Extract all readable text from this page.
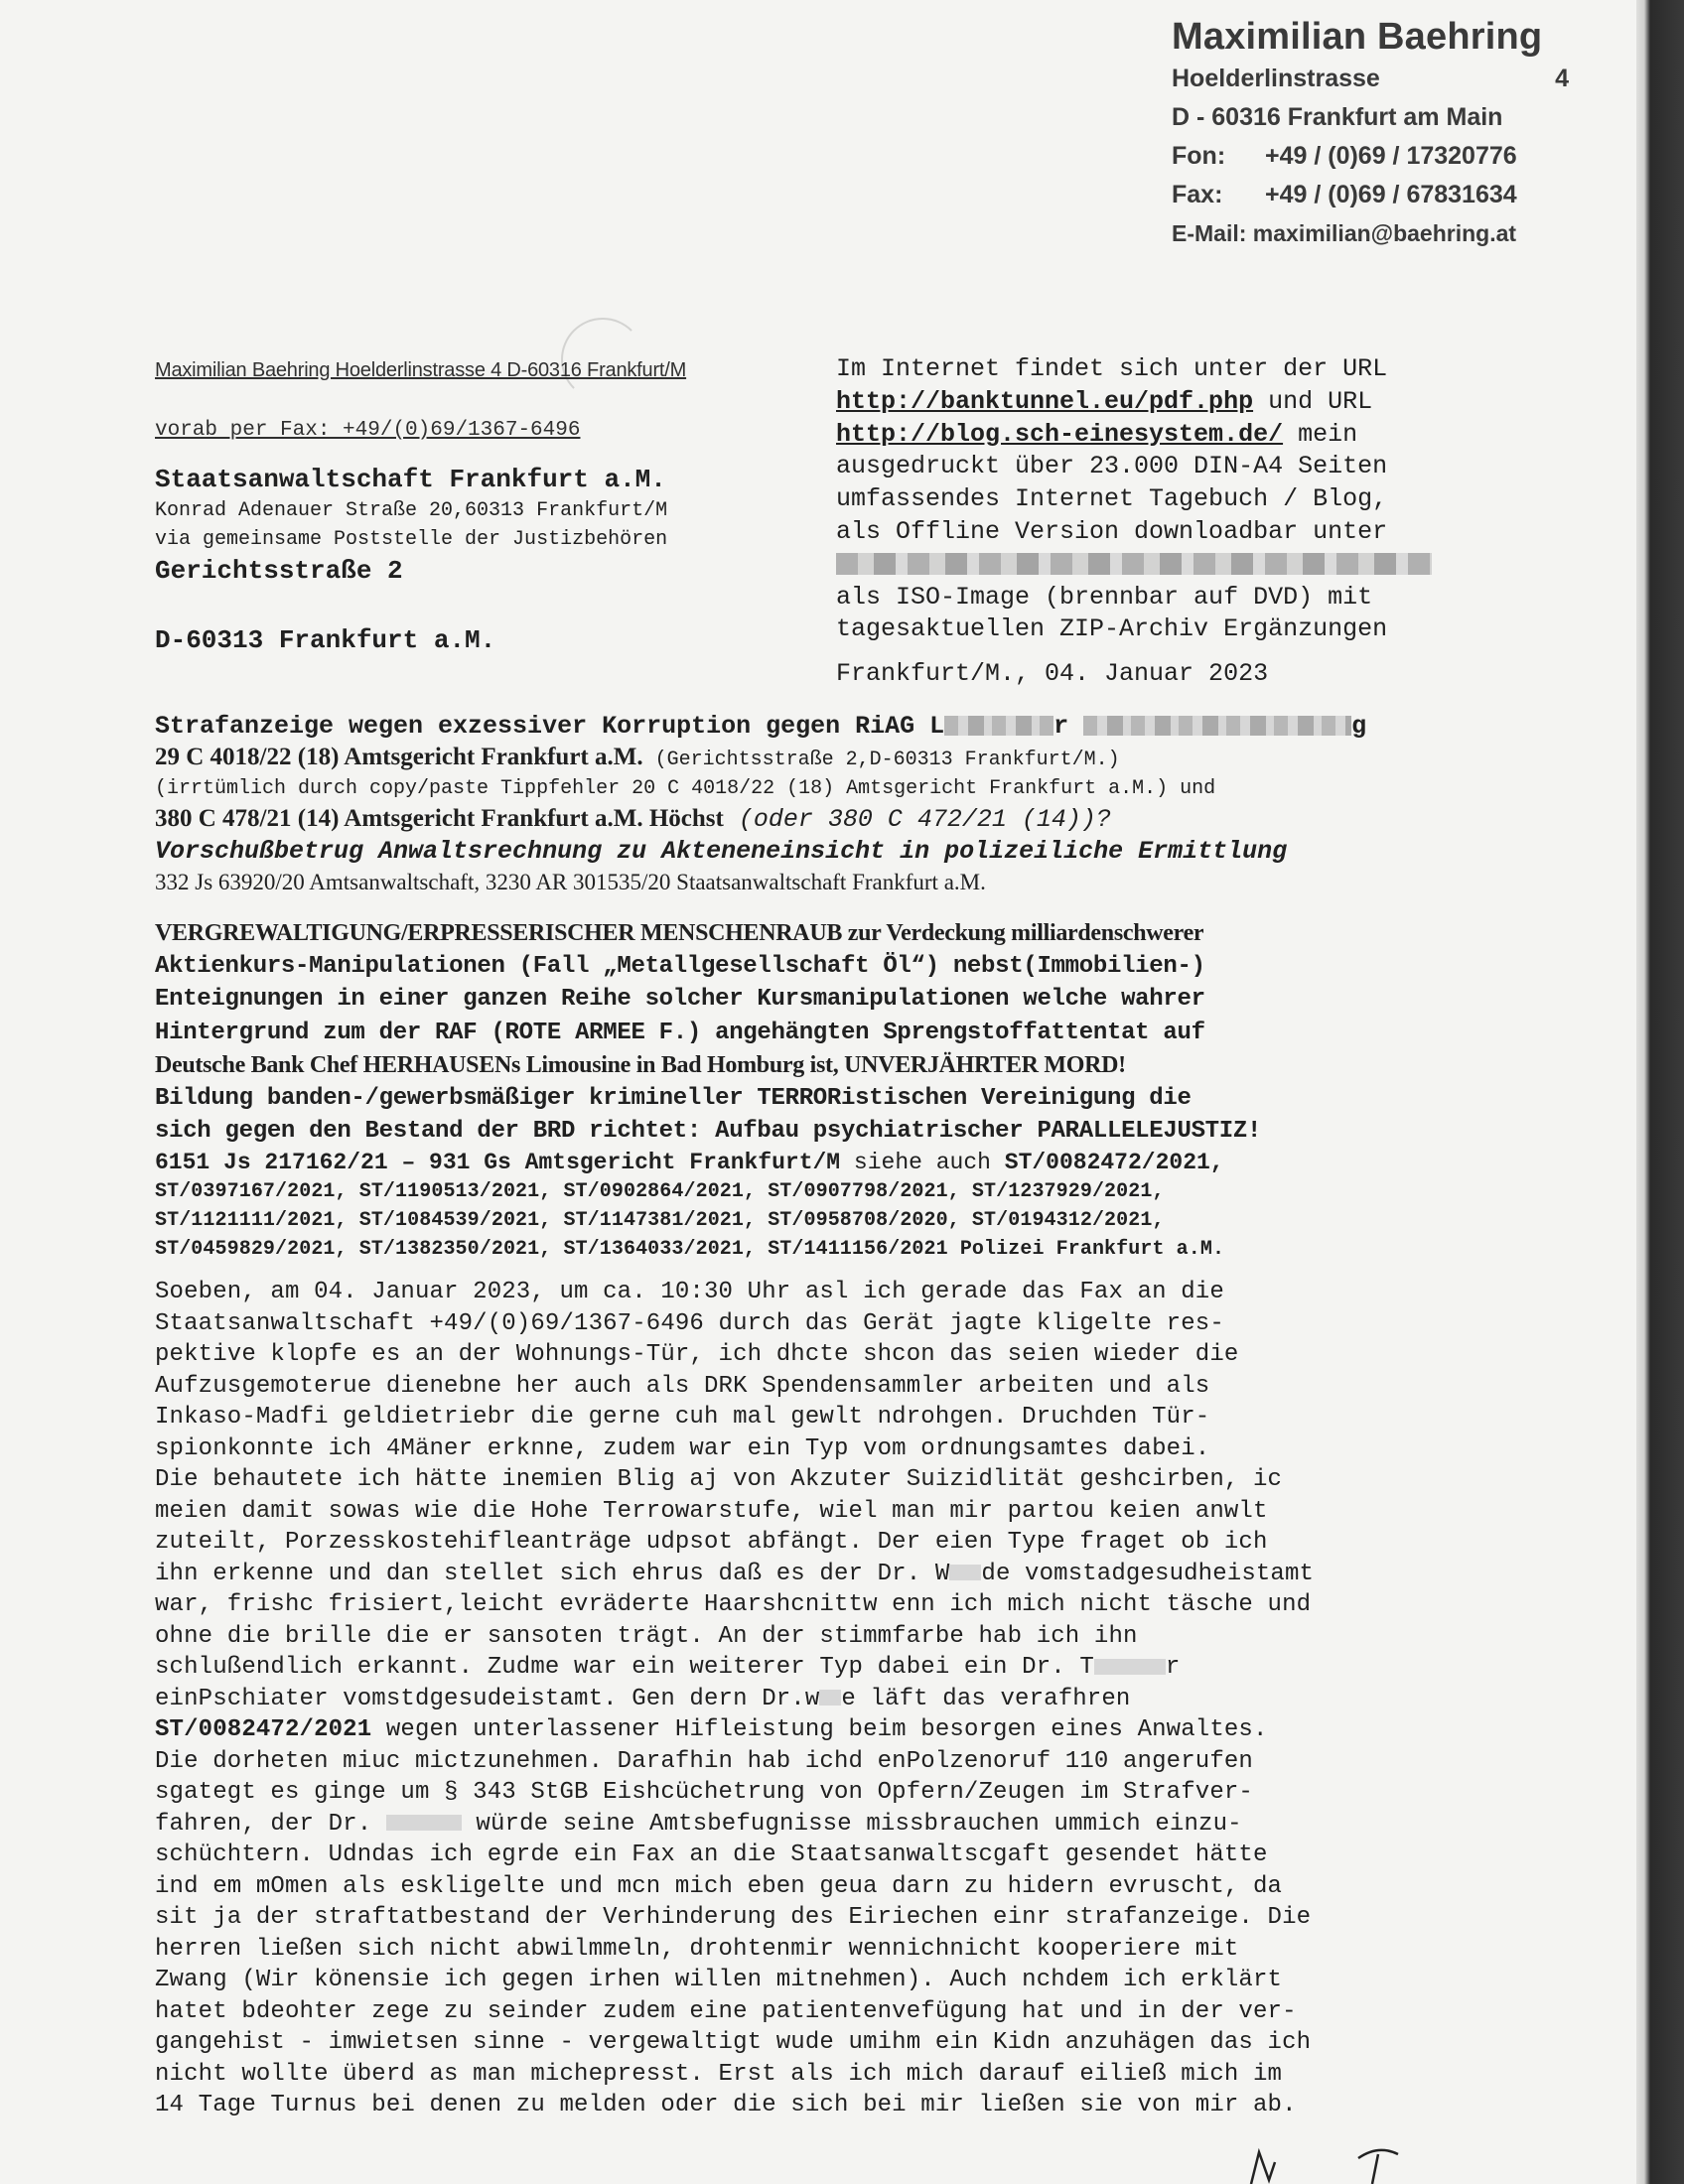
Maximilian Baehring
Hoelderlinstrasse	4
D - 60316 Frankfurt am Main
Fon: +49 / (0)69 / 17320776
Fax: +49 / (0)69 / 67831634
E-Mail: maximilian@baehring.at
Maximilian Baehring Hoelderlinstrasse 4 D-60316 Frankfurt/M
vorab per Fax: +49/(0)69/1367-6496
Staatsanwaltschaft Frankfurt a.M.
Konrad Adenauer Straße 20,60313 Frankfurt/M
via gemeinsame Poststelle der Justizbehören
Gerichtsstraße 2
D-60313 Frankfurt a.M.
Im Internet findet sich unter der URL
http://banktunnel.eu/pdf.php und URL
http://blog.sch-einesystem.de/ mein
ausgedruckt über 23.000 DIN-A4 Seiten
umfassendes Internet Tagebuch / Blog,
als Offline Version downloadbar unter
als ISO-Image (brennbar auf DVD) mit
tagesaktuellen ZIP-Archiv Ergänzungen
Frankfurt/M., 04. Januar 2023
Strafanzeige wegen exzessiver Korruption gegen RiAG L	r	g
29 C 4018/22 (18) Amtsgericht Frankfurt a.M. (Gerichtsstraße 2,D-60313 Frankfurt/M.)
(irrtümlich durch copy/paste Tippfehler 20 C 4018/22 (18) Amtsgericht Frankfurt a.M.) und
380 C 478/21 (14) Amtsgericht Frankfurt a.M. Höchst (oder 380 C 472/21 (14))?
Vorschußbetrug Anwaltsrechnung zu Akteneneinsicht in polizeiliche Ermittlung
332 Js 63920/20 Amtsanwaltschaft, 3230 AR 301535/20 Staatsanwaltschaft Frankfurt a.M.
VERGREWALTIGUNG/ERPRESSERISCHER MENSCHENRAUB zur Verdeckung milliardenschwerer
Aktienkurs-Manipulationen (Fall „Metallgesellschaft Öl“) nebst(Immobilien-)
Enteignungen in einer ganzen Reihe solcher Kursmanipulationen welche wahrer
Hintergrund zum der RAF (ROTE ARMEE F.) angehängten Sprengstoffattentat auf
Deutsche Bank Chef HERHAUSENs Limousine in Bad Homburg ist, UNVERJÄHRTER MORD!
Bildung banden-/gewerbsmäßiger krimineller TERRORistischen Vereinigung die
sich gegen den Bestand der BRD richtet: Aufbau psychiatrischer PARALLELEJUSTIZ!
6151 Js 217162/21 – 931 Gs Amtsgericht Frankfurt/M siehe auch ST/0082472/2021,
ST/0397167/2021, ST/1190513/2021, ST/0902864/2021, ST/0907798/2021, ST/1237929/2021,
ST/1121111/2021, ST/1084539/2021, ST/1147381/2021, ST/0958708/2020, ST/0194312/2021,
ST/0459829/2021, ST/1382350/2021, ST/1364033/2021, ST/1411156/2021 Polizei Frankfurt a.M.
Soeben, am 04. Januar 2023, um ca. 10:30 Uhr asl ich gerade das Fax an die
Staatsanwaltschaft +49/(0)69/1367-6496 durch das Gerät jagte kligelte res-
pektive klopfe es an der Wohnungs-Tür, ich dhcte shcon das seien wieder die
Aufzusgemoterue dienebne her auch als DRK Spendensammler arbeiten und als
Inkaso-Madfi geldietriebr die gerne cuh mal gewlt ndrohgen. Druchden Tür-
spionkonnte ich 4Mäner erknne, zudem war ein Typ vom ordnungsamtes dabei.
Die behautete ich hätte inemien Blig aj von Akzuter Suizidlität geshcirben, ic
meien damit sowas wie die Hohe Terrowarstufe, wiel man mir partou keien anwlt
zuteilt, Porzesskostehifleanträge udpsot abfängt. Der eien Type fraget ob ich
ihn erkenne und dan stellet sich ehrus daß es der Dr. W de vomstadgesudheistamt
war, frishc frisiert,leicht evräderte Haarshcnittw enn ich mich nicht täsche und
ohne die brille die er sansoten trägt. An der stimmfarbe hab ich ihn
schlußendlich erkannt. Zudme war ein weiterer Typ dabei ein Dr. T	r
einPschiater vomstdgesudeistamt. Gen dern Dr.w e läft das verafhren
ST/0082472/2021 wegen unterlassener Hifleistung beim besorgen eines Anwaltes.
Die dorheten miuc mictzunehmen. Darafhin hab ichd enPolzenoruf 110 angerufen
sgategt es ginge um § 343 StGB Eishcüchetrung von Opfern/Zeugen im Strafver-
fahren, der Dr.	würde seine Amtsbefugnisse missbrauchen ummich einzu-
schüchtern. Udndas ich egrde ein Fax an die Staatsanwaltscgaft gesendet hätte
ind em mOmen als eskligelte und mcn mich eben geua darn zu hidern evruscht, da
sit ja der straftatbestand der Verhinderung des Eiriechen einr strafanzeige. Die
herren ließen sich nicht abwilmmeln, drohtenmir wennichnicht kooperiere mit
Zwang (Wir könensie ich gegen irhen willen mitnehmen). Auch nchdem ich erklärt
hatet bdeohter zege zu seinder zudem eine patientenvefügung hat und in der ver-
gangehist - imwietsen sinne - vergewaltigt wude umihm ein Kidn anzuhägen das ich
nicht wollte überd as man michepresst. Erst als ich mich darauf eiließ mich im
14 Tage Turnus bei denen zu melden oder die sich bei mir ließen sie von mir ab.
